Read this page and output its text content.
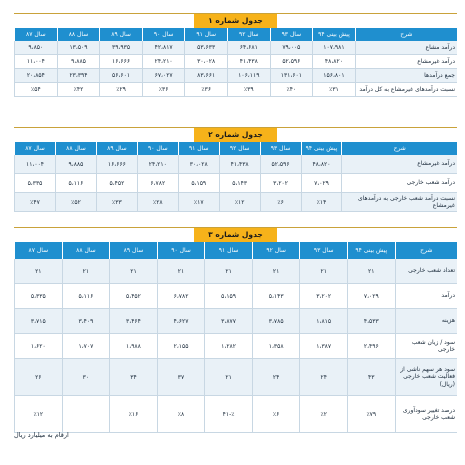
جدول شماره ۱
شرح	پیش بینی ۹۴	سال ۹۳	سال ۹۲	سال ۹۱	سال ۹۰	سال ۸۹	سال ۸۸	سال ۸۷
درآمد مشاع	۱۰۷،۹۸۱	۷۹،۰۰۵	۶۴،۶۸۱	۵۳،۶۳۳	۴۲،۸۱۷	۳۹،۹۳۵	۱۳،۵۰۹	۹،۸۵۰
درآمد غیرمشاع	۴۸،۸۲۰	۵۲،۵۹۶	۴۱،۴۳۸	۳۰،۰۲۸	۲۴،۲۱۰	۱۶،۶۶۶	۹،۸۸۵	۱۱،۰۰۴
جمع درآمدها	۱۵۶،۸۰۱	۱۳۱،۶۰۱	۱۰۶،۱۱۹	۸۳،۶۶۱	۶۷،۰۲۷	۵۶،۶۰۱	۲۳،۳۹۴	۲۰،۸۵۴
نسبت درآمدهای غیرمشاع به کل درآمد	٪۳۱	٪۴۰	٪۳۹	٪۳۶	٪۳۶	٪۲۹	٪۴۲	٪۵۴
جدول شماره ۲
شرح	پیش بینی ۹۴	سال ۹۳	سال ۹۲	سال ۹۱	سال ۹۰	سال ۸۹	سال ۸۸	سال ۸۷
درآمد غیرمشاع	۴۸،۸۲۰	۵۲،۵۹۶	۴۱،۴۳۸	۳۰،۰۲۸	۲۴،۲۱۰	۱۶،۶۶۶	۹،۸۸۵	۱۱،۰۰۴
درآمد شعب خارجی	۷،۰۲۹	۳،۲۰۲	۵،۱۴۳	۵،۱۵۹	۶،۷۸۲	۵،۴۵۲	۵،۱۱۶	۵،۳۳۵
نسبت درآمد شعب خارجی به درآمدهای غیرمشاع	٪۱۴	٪۶	٪۱۲	٪۱۷	٪۲۸	٪۳۳	٪۵۲	٪۴۷
جدول شماره ۳
شرح	پیش بینی ۹۴	سال ۹۳	سال ۹۲	سال ۹۱	سال ۹۰	سال ۸۹	سال ۸۸	سال ۸۷
تعداد شعب خارجی	۲۱	۲۱	۲۱	۲۱	۲۱	۲۱	۲۱	۲۱
درآمد	۷،۰۲۹	۳،۲۰۲	۵،۱۴۳	۵،۱۵۹	۶،۷۸۲	۵،۴۵۲	۵،۱۱۶	۵،۳۳۵
هزینه	۴،۵۳۳	۱،۸۱۵	۳،۷۸۵	۳،۸۷۷	۴،۶۲۷	۳،۴۶۴	۳،۴۰۹	۳،۷۱۵
سود / زیان شعب خارجی	۲،۴۹۶	۱،۳۸۷	۱،۳۵۸	۱،۲۸۲	۲،۱۵۵	۱،۹۸۸	۱،۷۰۷	۱،۶۲۰
سود هر سهم ناشی از فعالیت شعب خارجی (ریال)	۴۳	۲۴	۲۴	۲۱	۳۷	۳۴	۳۰	۲۶
درصد تغییر سودآوری شعب خارجی	٪۷۹	٪۲	٪۶	٪-۴۱	٪۸	٪۱۶		٪۱۲
ارقام به میلیارد ریال
